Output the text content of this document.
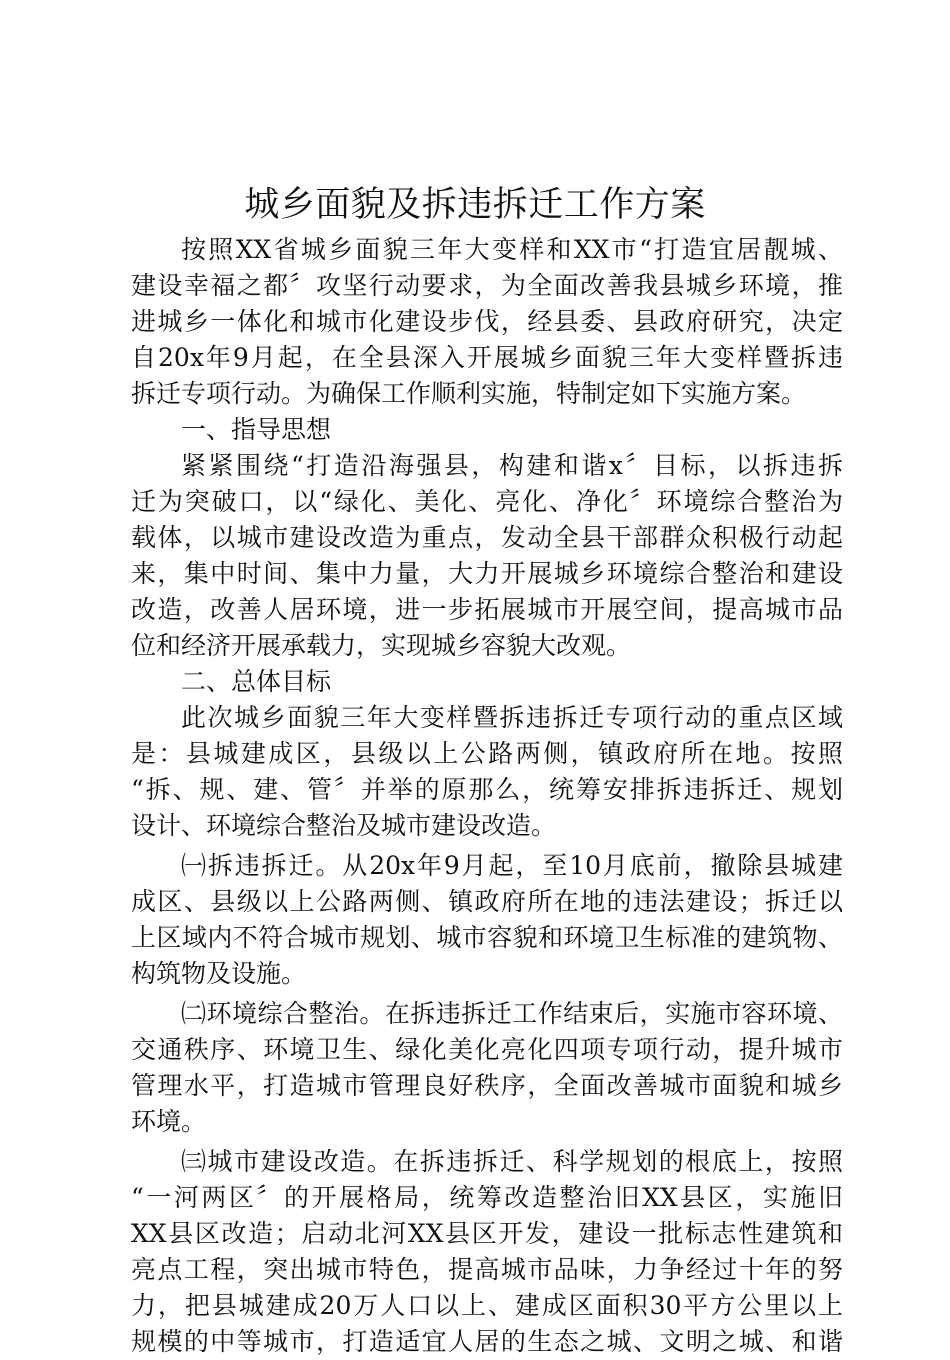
城乡面貌及拆违拆迁工作方案
按照XX省城乡面貌三年大变样和XX市“打造宜居靓城、
建设幸福之都〞攻坚行动要求，为全面改善我县城乡环境，推
进城乡一体化和城市化建设步伐，经县委、县政府研究，决定
自20x年9月起，在全县深入开展城乡面貌三年大变样暨拆违
拆迁专项行动。为确保工作顺利实施，特制定如下实施方案。
一、指导思想
紧紧围绕“打造沿海强县，构建和谐x〞目标，以拆违拆
迁为突破口，以“绿化、美化、亮化、净化〞环境综合整治为
载体，以城市建设改造为重点，发动全县干部群众积极行动起
来，集中时间、集中力量，大力开展城乡环境综合整治和建设
改造，改善人居环境，进一步拓展城市开展空间，提高城市品
位和经济开展承载力，实现城乡容貌大改观。
二、总体目标
此次城乡面貌三年大变样暨拆违拆迁专项行动的重点区域
是：县城建成区，县级以上公路两侧，镇政府所在地。按照
“拆、规、建、管〞并举的原那么，统筹安排拆违拆迁、规划
设计、环境综合整治及城市建设改造。
㈠拆违拆迁。从20x年9月起，至10月底前，撤除县城建
成区、县级以上公路两侧、镇政府所在地的违法建设；拆迁以
上区域内不符合城市规划、城市容貌和环境卫生标准的建筑物、
构筑物及设施。
㈡环境综合整治。在拆违拆迁工作结束后，实施市容环境、
交通秩序、环境卫生、绿化美化亮化四项专项行动，提升城市
管理水平，打造城市管理良好秩序，全面改善城市面貌和城乡
环境。
㈢城市建设改造。在拆违拆迁、科学规划的根底上，按照
“一河两区〞的开展格局，统筹改造整治旧XX县区，实施旧
XX县区改造；启动北河XX县区开发，建设一批标志性建筑和
亮点工程，突出城市特色，提高城市品味，力争经过十年的努
力，把县城建成20万人口以上、建成区面积30平方公里以上
规模的中等城市，打造适宜人居的生态之城、文明之城、和谐
